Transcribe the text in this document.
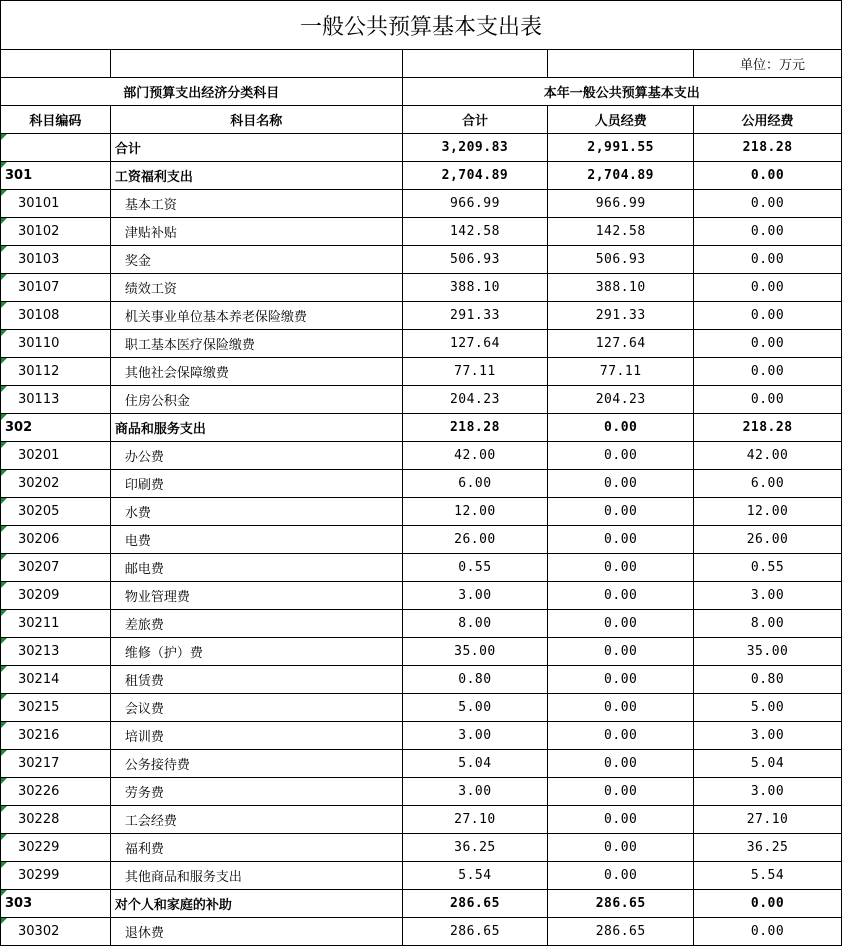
一般公共预算基本支出表				
				单位：万元
部门预算支出经济分类科目		本年一般公共预算基本支出		
科目编码	科目名称	合计	人员经费	公用经费
	合计	3,209.83	2,991.55	218.28
301	工资福利支出	2,704.89	2,704.89	0.00
30101	基本工资	966.99	966.99	0.00
30102	津贴补贴	142.58	142.58	0.00
30103	奖金	506.93	506.93	0.00
30107	绩效工资	388.10	388.10	0.00
30108	机关事业单位基本养老保险缴费	291.33	291.33	0.00
30110	职工基本医疗保险缴费	127.64	127.64	0.00
30112	其他社会保障缴费	77.11	77.11	0.00
30113	住房公积金	204.23	204.23	0.00
302	商品和服务支出	218.28	0.00	218.28
30201	办公费	42.00	0.00	42.00
30202	印刷费	6.00	0.00	6.00
30205	水费	12.00	0.00	12.00
30206	电费	26.00	0.00	26.00
30207	邮电费	0.55	0.00	0.55
30209	物业管理费	3.00	0.00	3.00
30211	差旅费	8.00	0.00	8.00
30213	维修（护）费	35.00	0.00	35.00
30214	租赁费	0.80	0.00	0.80
30215	会议费	5.00	0.00	5.00
30216	培训费	3.00	0.00	3.00
30217	公务接待费	5.04	0.00	5.04
30226	劳务费	3.00	0.00	3.00
30228	工会经费	27.10	0.00	27.10
30229	福利费	36.25	0.00	36.25
30299	其他商品和服务支出	5.54	0.00	5.54
303	对个人和家庭的补助	286.65	286.65	0.00
30302	退休费	286.65	286.65	0.00
